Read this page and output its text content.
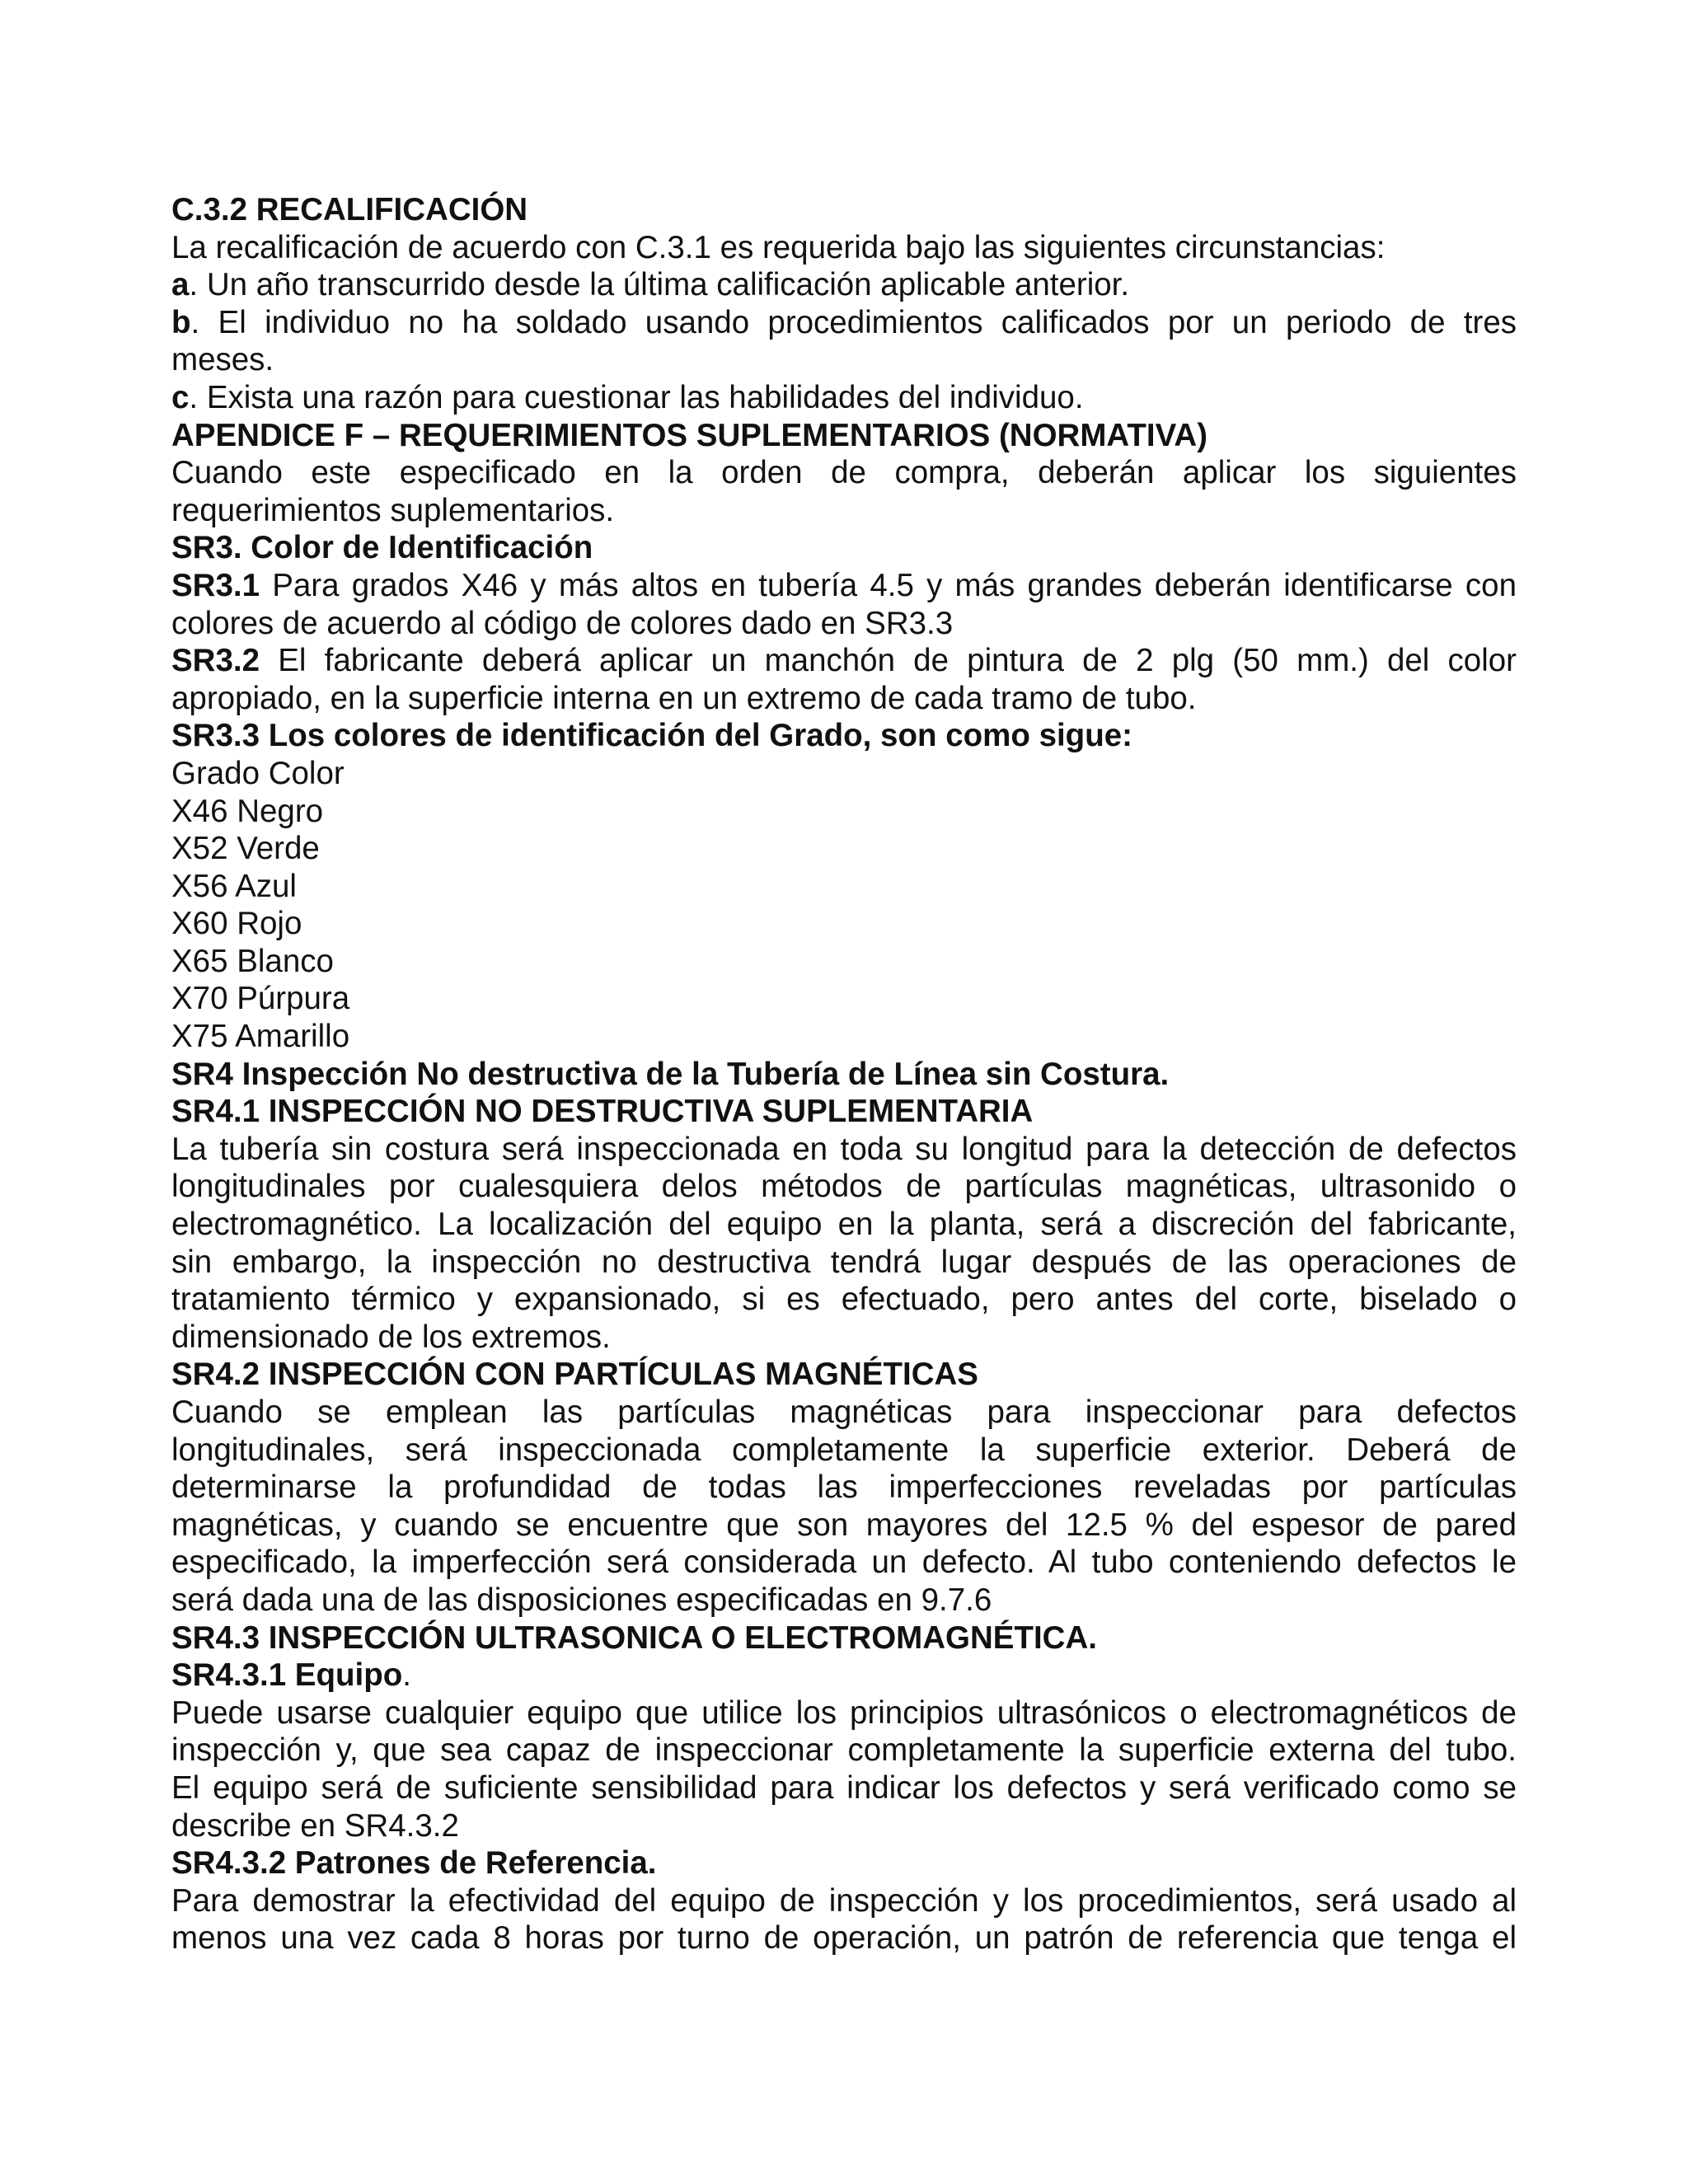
C.3.2 RECALIFICACIÓN
La recalificación de acuerdo con C.3.1 es requerida bajo las siguientes circunstancias:
a. Un año transcurrido desde la última calificación aplicable anterior.
b. El individuo no ha soldado usando procedimientos calificados por un periodo de tres
meses.
c. Exista una razón para cuestionar las habilidades del individuo.
APENDICE F – REQUERIMIENTOS SUPLEMENTARIOS (NORMATIVA)
Cuando este especificado en la orden de compra, deberán aplicar los siguientes
requerimientos suplementarios.
SR3. Color de Identificación
SR3.1 Para grados X46 y más altos en tubería 4.5 y más grandes deberán identificarse con
colores de acuerdo al código de colores dado en SR3.3
SR3.2 El fabricante deberá aplicar un manchón de pintura de 2 plg (50 mm.) del color
apropiado, en la superficie interna en un extremo de cada tramo de tubo.
SR3.3 Los colores de identificación del Grado, son como sigue:
Grado Color
X46 Negro
X52 Verde
X56 Azul
X60 Rojo
X65 Blanco
X70 Púrpura
X75 Amarillo
SR4 Inspección No destructiva de la Tubería de Línea sin Costura.
SR4.1 INSPECCIÓN NO DESTRUCTIVA SUPLEMENTARIA
La tubería sin costura será inspeccionada en toda su longitud para la detección de defectos
longitudinales por cualesquiera delos métodos de partículas magnéticas, ultrasonido o
electromagnético. La localización del equipo en la planta, será a discreción del fabricante,
sin embargo, la inspección no destructiva tendrá lugar después de las operaciones de
tratamiento térmico y expansionado, si es efectuado, pero antes del corte, biselado o
dimensionado de los extremos.
SR4.2 INSPECCIÓN CON PARTÍCULAS MAGNÉTICAS
Cuando se emplean las partículas magnéticas para inspeccionar para defectos
longitudinales, será inspeccionada completamente la superficie exterior. Deberá de
determinarse la profundidad de todas las imperfecciones reveladas por partículas
magnéticas, y cuando se encuentre que son mayores del 12.5 % del espesor de pared
especificado, la imperfección será considerada un defecto. Al tubo conteniendo defectos le
será dada una de las disposiciones especificadas en 9.7.6
SR4.3 INSPECCIÓN ULTRASONICA O ELECTROMAGNÉTICA.
SR4.3.1 Equipo.
Puede usarse cualquier equipo que utilice los principios ultrasónicos o electromagnéticos de
inspección y, que sea capaz de inspeccionar completamente la superficie externa del tubo.
El equipo será de suficiente sensibilidad para indicar los defectos y será verificado como se
describe en SR4.3.2
SR4.3.2 Patrones de Referencia.
Para demostrar la efectividad del equipo de inspección y los procedimientos, será usado al
menos una vez cada 8 horas por turno de operación, un patrón de referencia que tenga el
